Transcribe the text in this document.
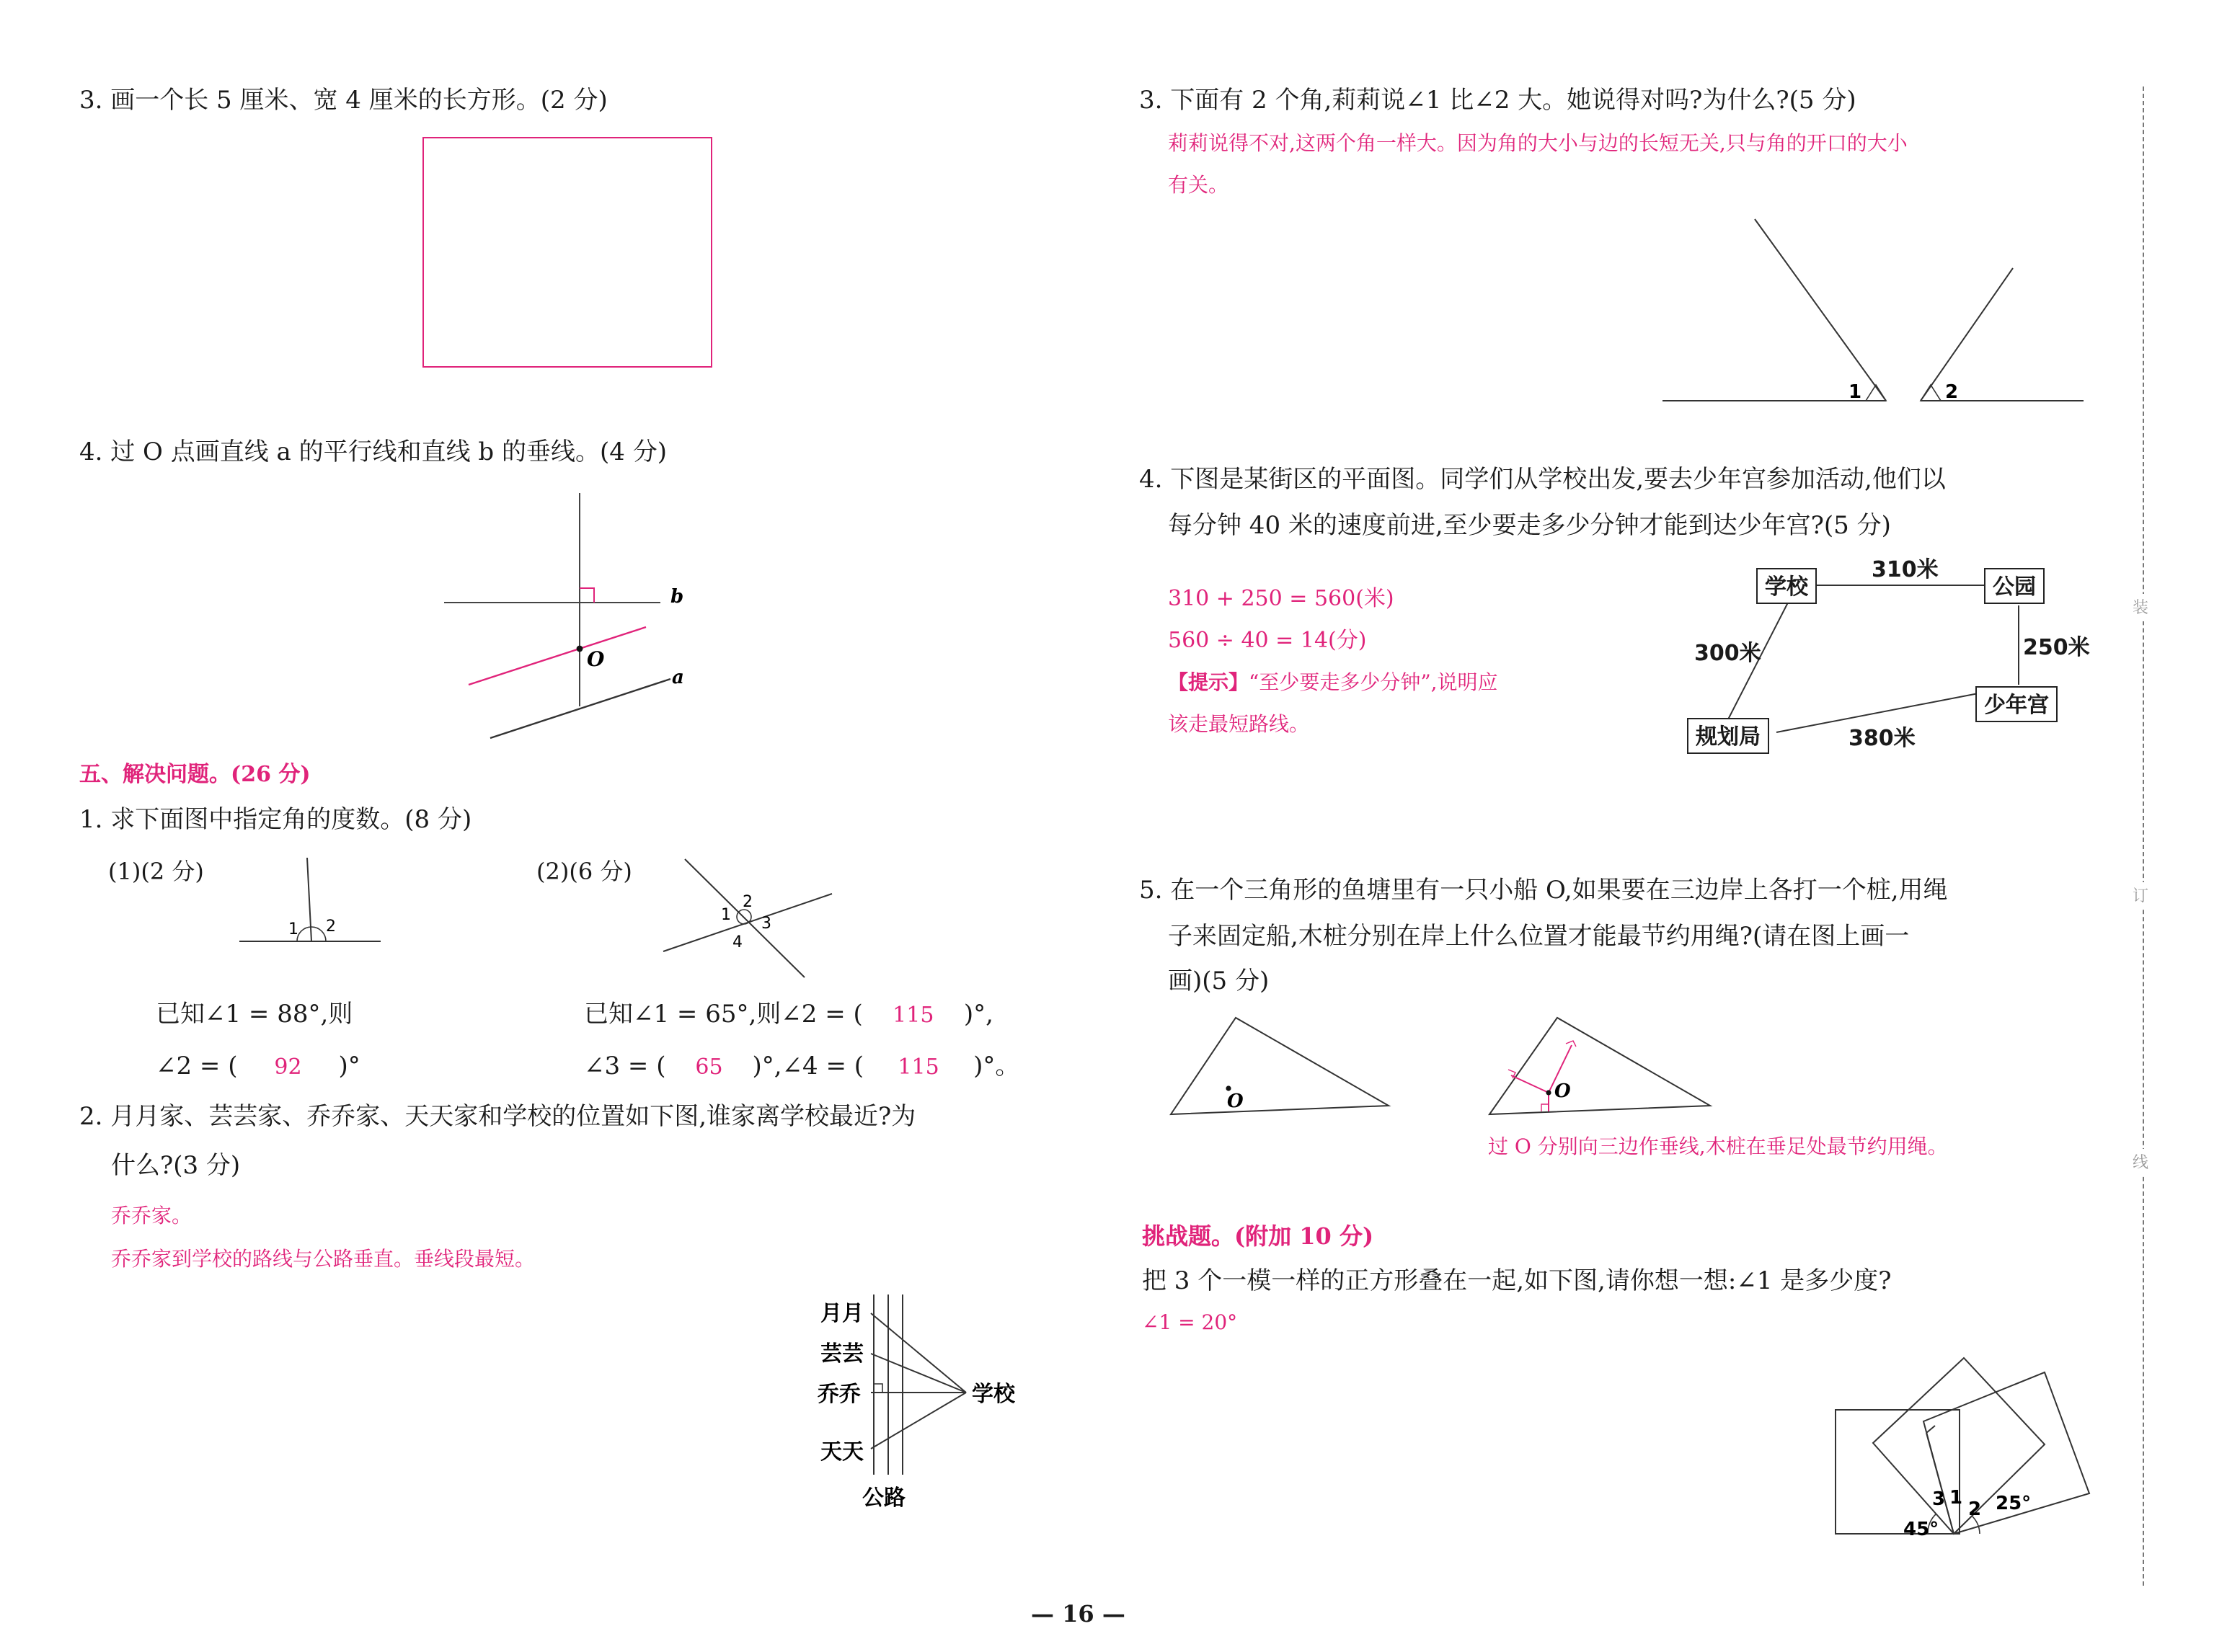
3. 画一个长 5 厘米、宽 4 厘米的长方形。(2 分)
4. 过 O 点画直线 a 的平行线和直线 b 的垂线。(4 分)
b
O
a
五、解决问题。(26 分)
1. 求下面图中指定角的度数。(8 分)
(1)(2 分)	(2)(6 分)
1	2
1
2
3
4
已知∠1 = 88°,则
∠2 = (	92	)°
已知∠1 = 65°,则∠2 = (	115 )°,
∠3 = (	65 )°,∠4 = (	115	)°。
2. 月月家、芸芸家、乔乔家、天天家和学校的位置如下图,谁家离学校最近?为
什么?(3 分)
乔乔家。
乔乔家到学校的路线与公路垂直。垂线段最短。
月月
芸芸
乔乔
天天
学校
公路
3. 下面有 2 个角,莉莉说∠1 比∠2 大。她说得对吗?为什么?(5 分)
莉莉说得不对,这两个角一样大。因为角的大小与边的长短无关,只与角的开口的大小
有关。
1	2
4. 下图是某街区的平面图。同学们从学校出发,要去少年宫参加活动,他们以
每分钟 40 米的速度前进,至少要走多少分钟才能到达少年宫?(5 分)
310 + 250 = 560(米)
560 ÷ 40 = 14(分)
【提示】“至少要走多少分钟”,说明应
该走最短路线。
学校	公园
规划局
少年宫
310米
300米	250米
380米
5. 在一个三角形的鱼塘里有一只小船 O,如果要在三边岸上各打一个桩,用绳
子来固定船,木桩分别在岸上什么位置才能最节约用绳?(请在图上画一
画)(5 分)
O	O
过 O 分别向三边作垂线,木桩在垂足处最节约用绳。
挑战题。(附加 10 分)
把 3 个一模一样的正方形叠在一起,如下图,请你想一想:∠1 是多少度?
∠1 = 20°
3 1
2
45°
25°
装
订
线
— 16 —
